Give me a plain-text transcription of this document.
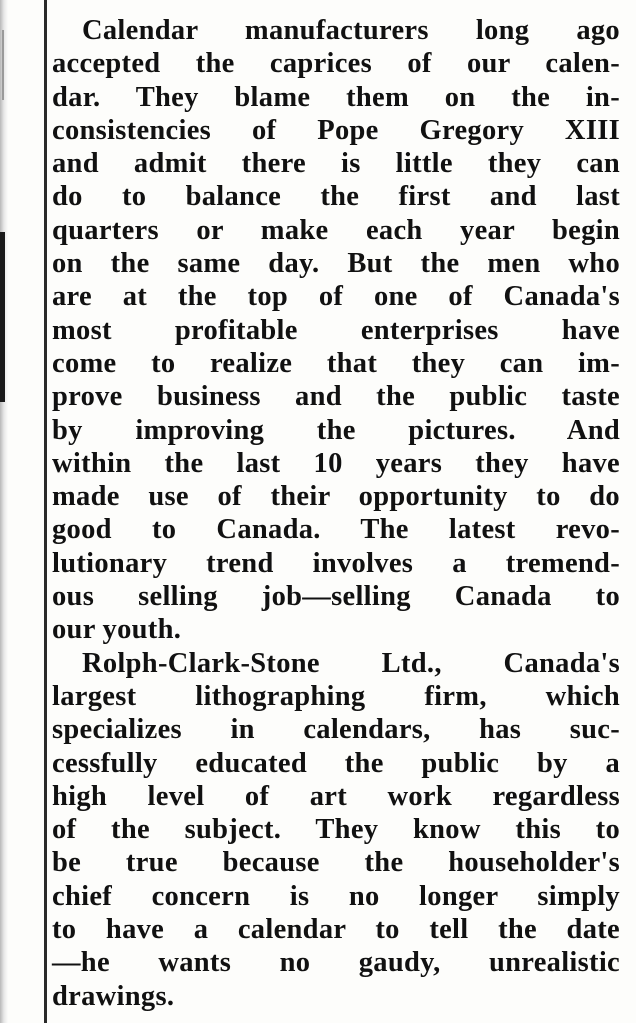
Calendar manufacturers long ago
accepted the caprices of our calen-
dar. They blame them on the in-
consistencies of Pope Gregory XIII
and admit there is little they can
do to balance the first and last
quarters or make each year begin
on the same day. But the men who
are at the top of one of Canada's
most profitable enterprises have
come to realize that they can im-
prove business and the public taste
by improving the pictures. And
within the last 10 years they have
made use of their opportunity to do
good to Canada. The latest revo-
lutionary trend involves a tremend-
ous selling job—selling Canada to
our youth.
Rolph-Clark-Stone Ltd., Canada's
largest lithographing firm, which
specializes in calendars, has suc-
cessfully educated the public by a
high level of art work regardless
of the subject. They know this to
be true because the householder's
chief concern is no longer simply
to have a calendar to tell the date
—he wants no gaudy, unrealistic
drawings.
